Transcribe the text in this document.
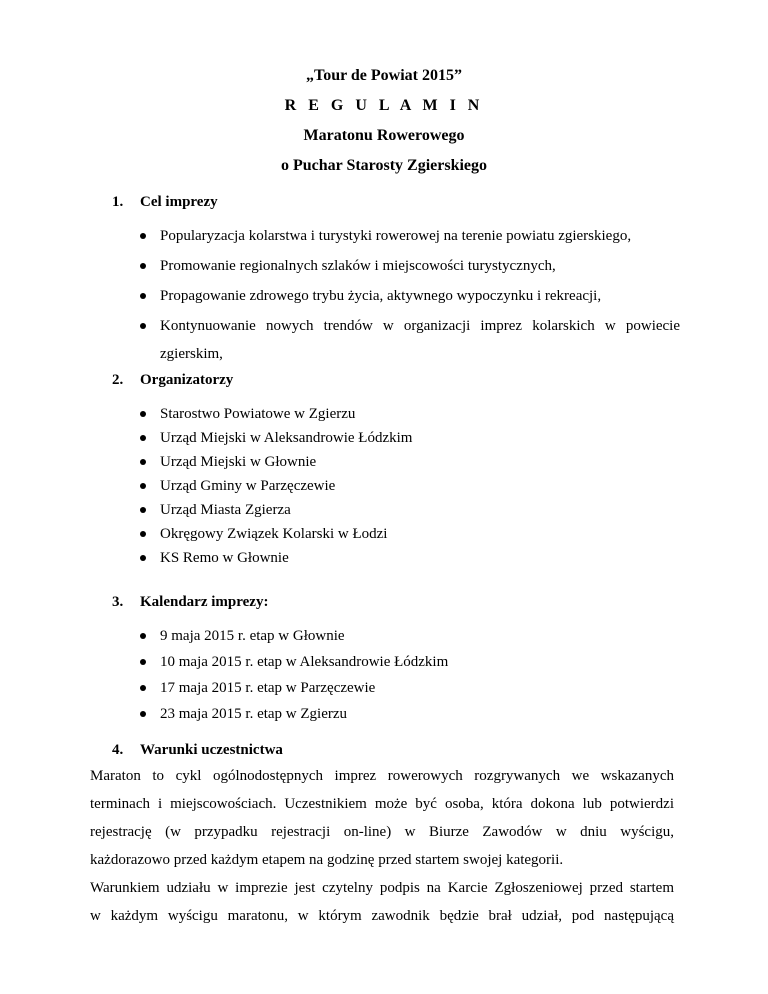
„Tour de Powiat 2015”
R E G U L A M I N
Maratonu Rowerowego
o Puchar Starosty Zgierskiego
1. Cel imprezy
Popularyzacja kolarstwa i turystyki rowerowej na terenie powiatu zgierskiego,
Promowanie regionalnych szlaków i miejscowości turystycznych,
Propagowanie zdrowego trybu życia, aktywnego wypoczynku i rekreacji,
Kontynuowanie nowych trendów w organizacji imprez kolarskich w powiecie
zgierskim,
2. Organizatorzy
Starostwo Powiatowe w Zgierzu
Urząd Miejski w Aleksandrowie Łódzkim
Urząd Miejski w Głownie
Urząd Gminy w Parzęczewie
Urząd Miasta Zgierza
Okręgowy Związek Kolarski w Łodzi
KS Remo w Głownie
3. Kalendarz imprezy:
9 maja 2015 r. etap w Głownie
10 maja 2015 r. etap w Aleksandrowie Łódzkim
17 maja 2015 r. etap w Parzęczewie
23 maja 2015 r. etap w Zgierzu
4. Warunki uczestnictwa
Maraton to cykl ogólnodostępnych imprez rowerowych rozgrywanych we wskazanych
terminach i miejscowościach. Uczestnikiem może być osoba, która dokona lub potwierdzi
rejestrację (w przypadku rejestracji on-line) w Biurze Zawodów w dniu wyścigu,
każdorazowo przed każdym etapem na godzinę przed startem swojej kategorii.
Warunkiem udziału w imprezie jest czytelny podpis na Karcie Zgłoszeniowej przed startem
w każdym wyścigu maratonu, w którym zawodnik będzie brał udział, pod następującą
